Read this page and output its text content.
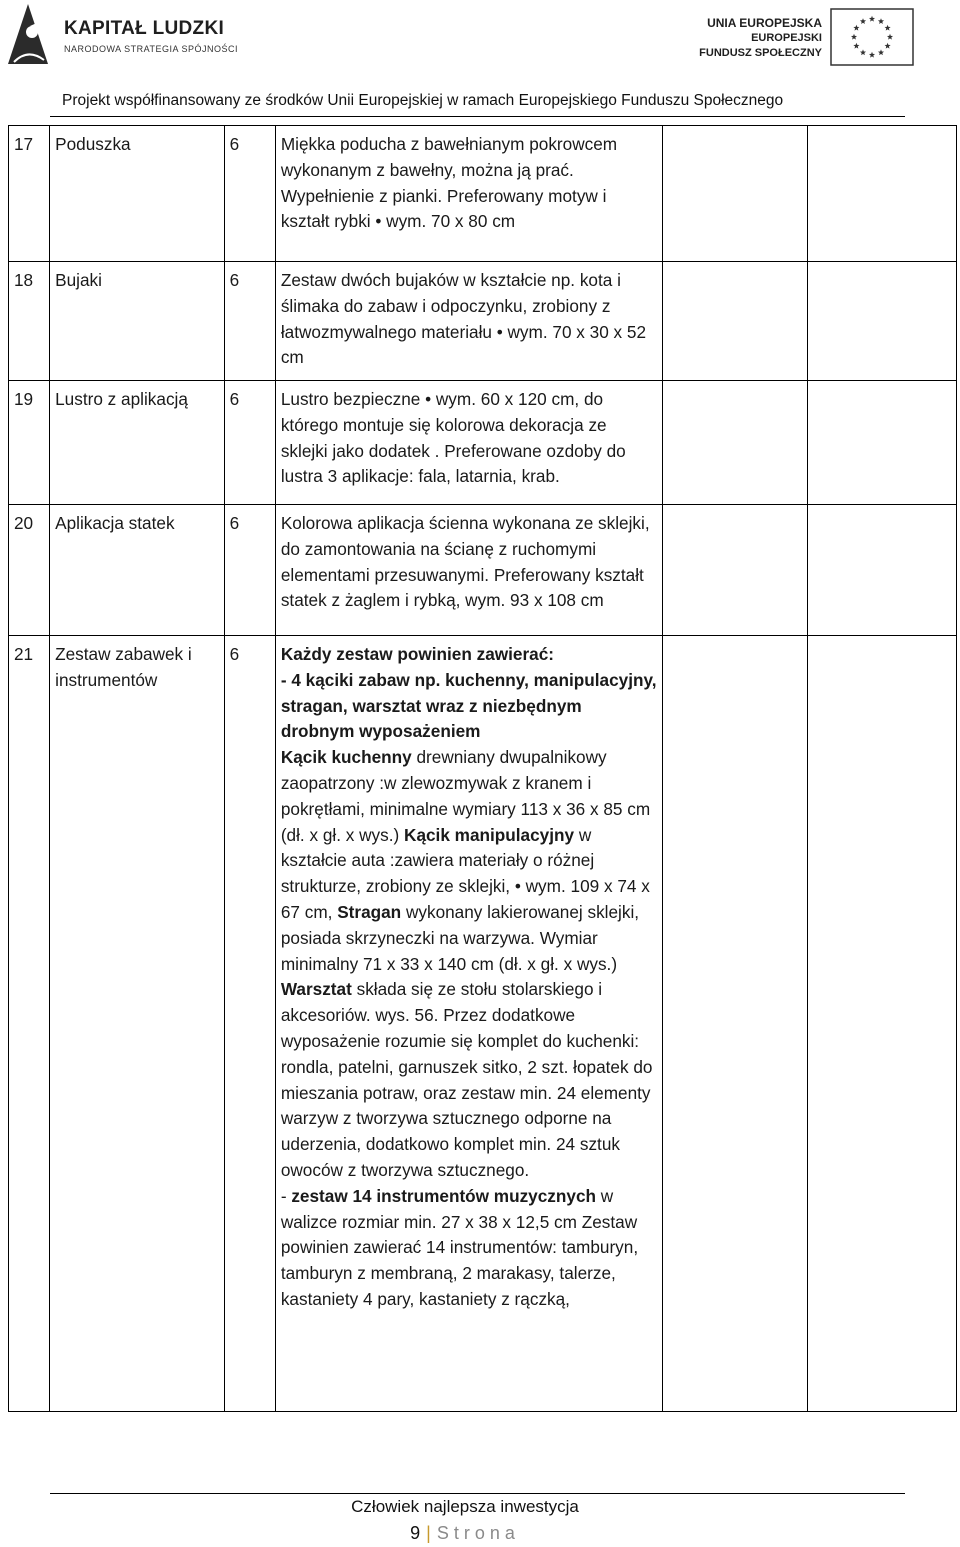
KAPITAŁ LUDZKI
NARODOWA STRATEGIA SPÓJNOŚCI
UNIA EUROPEJSKA
EUROPEJSKI
FUNDUSZ SPOŁECZNY
Projekt współfinansowany ze środków Unii Europejskiej w ramach Europejskiego Funduszu Społecznego
17	Poduszka	6	Miękka poducha z bawełnianym pokrowcem wykonanym z bawełny, można ją prać. Wypełnienie z pianki. Preferowany motyw i kształt rybki • wym. 70 x 80 cm		
18	Bujaki	6	Zestaw dwóch bujaków w kształcie np. kota i ślimaka do zabaw i odpoczynku, zrobiony z łatwozmywalnego materiału • wym. 70 x 30 x 52 cm		
19	Lustro z aplikacją	6	Lustro bezpieczne • wym. 60 x 120 cm, do którego montuje się kolorowa dekoracja ze sklejki jako dodatek . Preferowane ozdoby do lustra 3 aplikacje: fala, latarnia, krab.		
20	Aplikacja statek	6	Kolorowa aplikacja ścienna wykonana ze sklejki, do zamontowania na ścianę z ruchomymi elementami przesuwanymi. Preferowany kształt statek z żaglem i rybką, wym. 93 x 108 cm		
21	Zestaw zabawek i instrumentów	6	Każdy zestaw powinien zawierać:
- 4 kąciki zabaw np. kuchenny, manipulacyjny, stragan, warsztat wraz z niezbędnym drobnym wyposażeniem
Kącik kuchenny drewniany dwupalnikowy zaopatrzony :w zlewozmywak z kranem i pokrętłami, minimalne wymiary 113 x 36 x 85 cm (dł. x gł. x wys.) Kącik manipulacyjny w kształcie auta :zawiera materiały o różnej strukturze, zrobiony ze sklejki, • wym. 109 x 74 x 67 cm, Stragan wykonany lakierowanej sklejki, posiada skrzyneczki na warzywa. Wymiar minimalny 71 x 33 x 140 cm (dł. x gł. x wys.) Warsztat składa się ze stołu stolarskiego i akcesoriów. wys. 56. Przez dodatkowe wyposażenie rozumie się komplet do kuchenki: rondla, patelni, garnuszek sitko, 2 szt. łopatek do mieszania potraw, oraz zestaw min. 24 elementy warzyw z tworzywa sztucznego odporne na uderzenia, dodatkowo komplet min. 24 sztuk owoców z tworzywa sztucznego.
- zestaw 14 instrumentów muzycznych w walizce rozmiar min. 27 x 38 x 12,5 cm Zestaw powinien zawierać 14 instrumentów: tamburyn, tamburyn z membraną, 2 marakasy, talerze, kastaniety 4 pary, kastaniety z rączką,		
Człowiek najlepsza inwestycja
9 | Strona
